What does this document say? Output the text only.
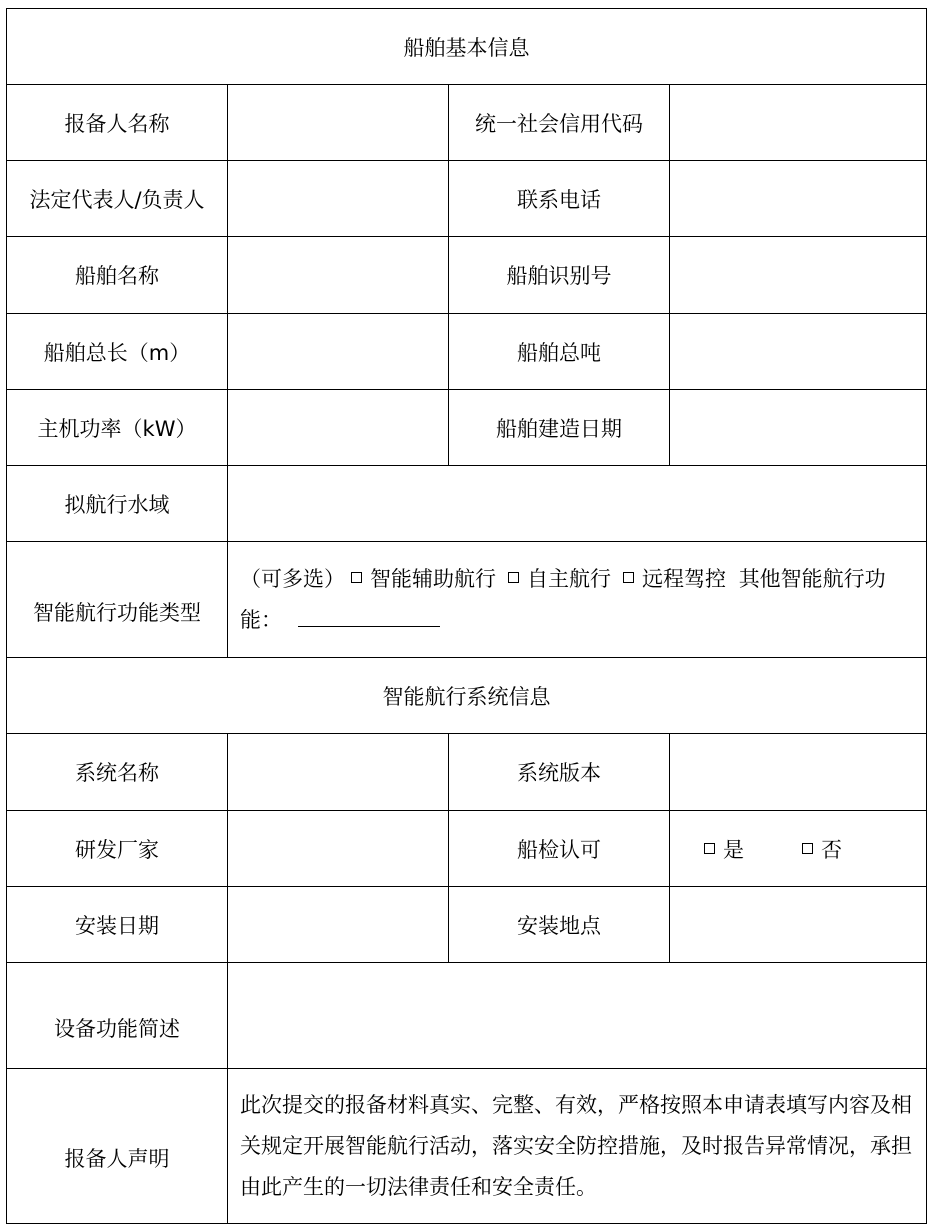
船舶基本信息			
报备人名称		统一社会信用代码	
法定代表人/负责人		联系电话	
船舶名称		船舶识别号	
船舶总长（m）		船舶总吨	
主机功率（kW）		船舶建造日期	
拟航行水域			
智能航行功能类型	（可多选） 智能辅助航行 自主航行 远程驾控 其他智能航行功能：		
智能航行系统信息			
系统名称		系统版本	
研发厂家		船检认可	是 否
安装日期		安装地点	
设备功能简述			
报备人声明	此次提交的报备材料真实、完整、有效，严格按照本申请表填写内容及相关规定开展智能航行活动，落实安全防控措施，及时报告异常情况，承担由此产生的一切法律责任和安全责任。		
